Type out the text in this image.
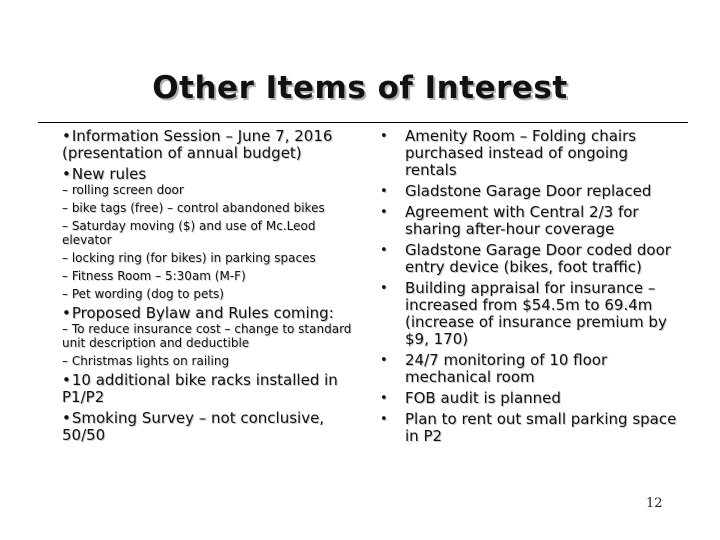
Other Items of Interest
•Information Session – June 7, 2016 (presentation of annual budget)
•New rules
– rolling screen door
– bike tags (free) – control abandoned bikes
– Saturday moving ($) and use of Mc.Leod elevator
– locking ring (for bikes) in parking spaces
– Fitness Room – 5:30am (M-F)
– Pet wording (dog to pets)
•Proposed Bylaw and Rules coming:
– To reduce insurance cost – change to standard unit description and deductible
– Christmas lights on railing
•10 additional bike racks installed in P1/P2
•Smoking Survey – not conclusive, 50/50
• Amenity Room – Folding chairs purchased instead of ongoing rentals
• Gladstone Garage Door replaced
• Agreement with Central 2/3 for sharing after-hour coverage
• Gladstone Garage Door coded door entry device (bikes, foot traffic)
• Building appraisal for insurance – increased from $54.5m to 69.4m (increase of insurance premium by $9, 170)
• 24/7 monitoring of 10 floor mechanical room
• FOB audit is planned
• Plan to rent out small parking space in P2
12
